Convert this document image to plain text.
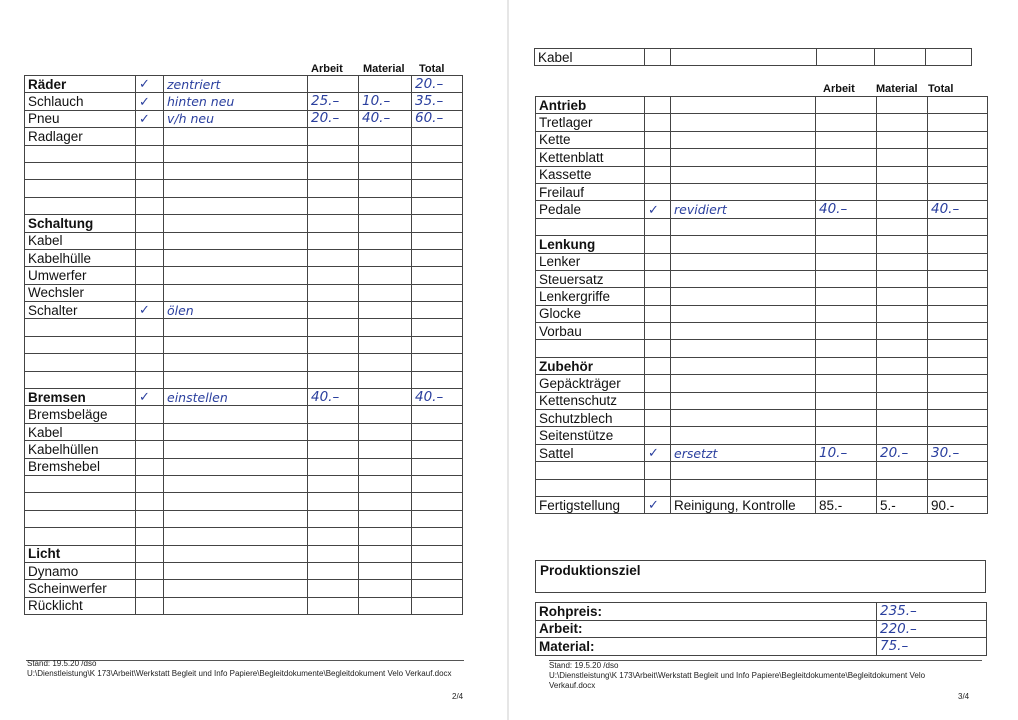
Arbeit Material Total
Räder	✓	zentriert			20.–
Schlauch	✓	hinten neu	25.–	10.–	35.–
Pneu	✓	v/h neu	20.–	40.–	60.–
Radlager					

Schaltung					
Kabel					
Kabelhülle					
Umwerfer					
Wechsler					
Schalter	✓	ölen			

Bremsen	✓	einstellen	40.–		40.–
Bremsbeläge					
Kabel					
Kabelhüllen					
Bremshebel					

Licht					
Dynamo					
Scheinwerfer					
Rücklicht					
Stand: 19.5.20 /dso
U:\Dienstleistung\K 173\Arbeit\Werkstatt Begleit und Info Papiere\Begleitdokumente\Begleitdokument Velo Verkauf.docx
2/4
Kabel					
Arbeit Material Total
Antrieb					
Tretlager					
Kette					
Kettenblatt					
Kassette					
Freilauf					
Pedale	✓	revidiert	40.–		40.–

Lenkung					
Lenker					
Steuersatz					
Lenkergriffe					
Glocke					
Vorbau					

Zubehör					
Gepäckträger					
Kettenschutz					
Schutzblech					
Seitenstütze					
Sattel	✓	ersetzt	10.–	20.–	30.–

Fertigstellung	✓	Reinigung, Kontrolle	85.-	5.-	90.-
Produktionsziel
Rohpreis:	235.–
Arbeit:	220.–
Material:	75.–
Stand: 19.5.20 /dso
U:\Dienstleistung\K 173\Arbeit\Werkstatt Begleit und Info Papiere\Begleitdokumente\Begleitdokument Velo Verkauf.docx
3/4
